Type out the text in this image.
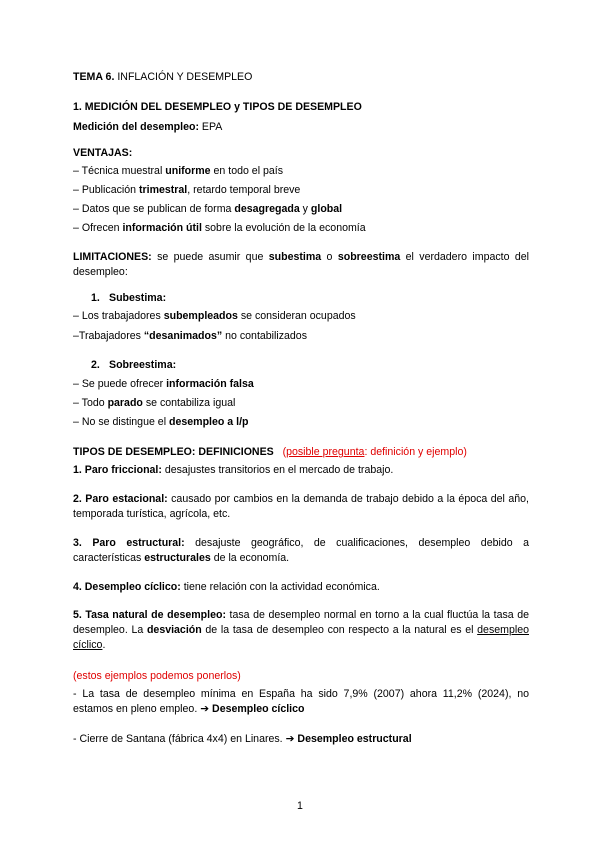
TEMA 6. INFLACIÓN Y DESEMPLEO
1. MEDICIÓN DEL DESEMPLEO y TIPOS DE DESEMPLEO
Medición del desempleo: EPA
VENTAJAS:
– Técnica muestral uniforme en todo el país
– Publicación trimestral, retardo temporal breve
– Datos que se publican de forma desagregada y global
– Ofrecen información útil sobre la evolución de la economía
LIMITACIONES: se puede asumir que subestima o sobreestima el verdadero impacto del desempleo:
1. Subestima:
– Los trabajadores subempleados se consideran ocupados
–Trabajadores “desanimados” no contabilizados
2. Sobreestima:
– Se puede ofrecer información falsa
– Todo parado se contabiliza igual
– No se distingue el desempleo a l/p
TIPOS DE DESEMPLEO: DEFINICIONES (posible pregunta: definición y ejemplo)
1. Paro friccional: desajustes transitorios en el mercado de trabajo.
2. Paro estacional: causado por cambios en la demanda de trabajo debido a la época del año, temporada turística, agrícola, etc.
3. Paro estructural: desajuste geográfico, de cualificaciones, desempleo debido a características estructurales de la economía.
4. Desempleo cíclico: tiene relación con la actividad económica.
5. Tasa natural de desempleo: tasa de desempleo normal en torno a la cual fluctúa la tasa de desempleo. La desviación de la tasa de desempleo con respecto a la natural es el desempleo cíclico.
(estos ejemplos podemos ponerlos)
- La tasa de desempleo mínima en España ha sido 7,9% (2007) ahora 11,2% (2024), no estamos en pleno empleo. ➔ Desempleo cíclico
- Cierre de Santana (fábrica 4x4) en Linares. ➔ Desempleo estructural
1
